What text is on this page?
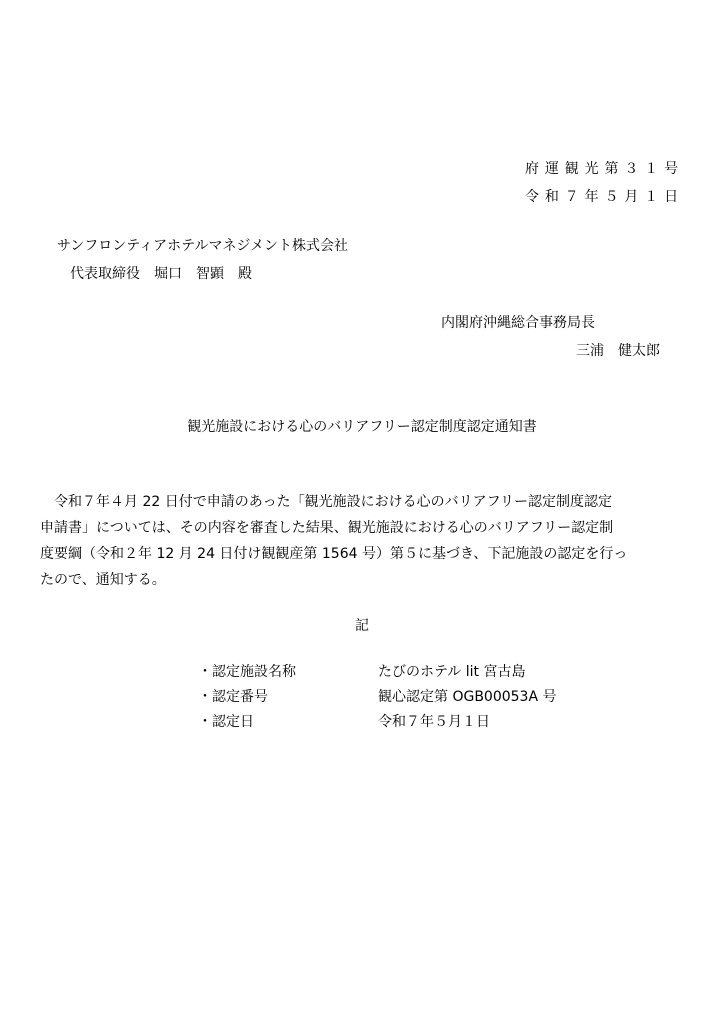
府運観光第３１号
令和７年５月１日
サンフロンティアホテルマネジメント株式会社
代表取締役　堀口　智顕　殿
内閣府沖縄総合事務局長
三浦　健太郎
観光施設における心のバリアフリー認定制度認定通知書
令和７年４月 22 日付で申請のあった「観光施設における心のバリアフリー認定制度認定
申請書」については、その内容を審査した結果、観光施設における心のバリアフリー認定制
度要綱（令和２年 12 月 24 日付け観観産第 1564 号）第５に基づき、下記施設の認定を行っ
たので、通知する。
記
・認定施設名称	たびのホテル lit 宮古島
・認定番号	観心認定第 OGB00053A 号
・認定日	令和７年５月１日
